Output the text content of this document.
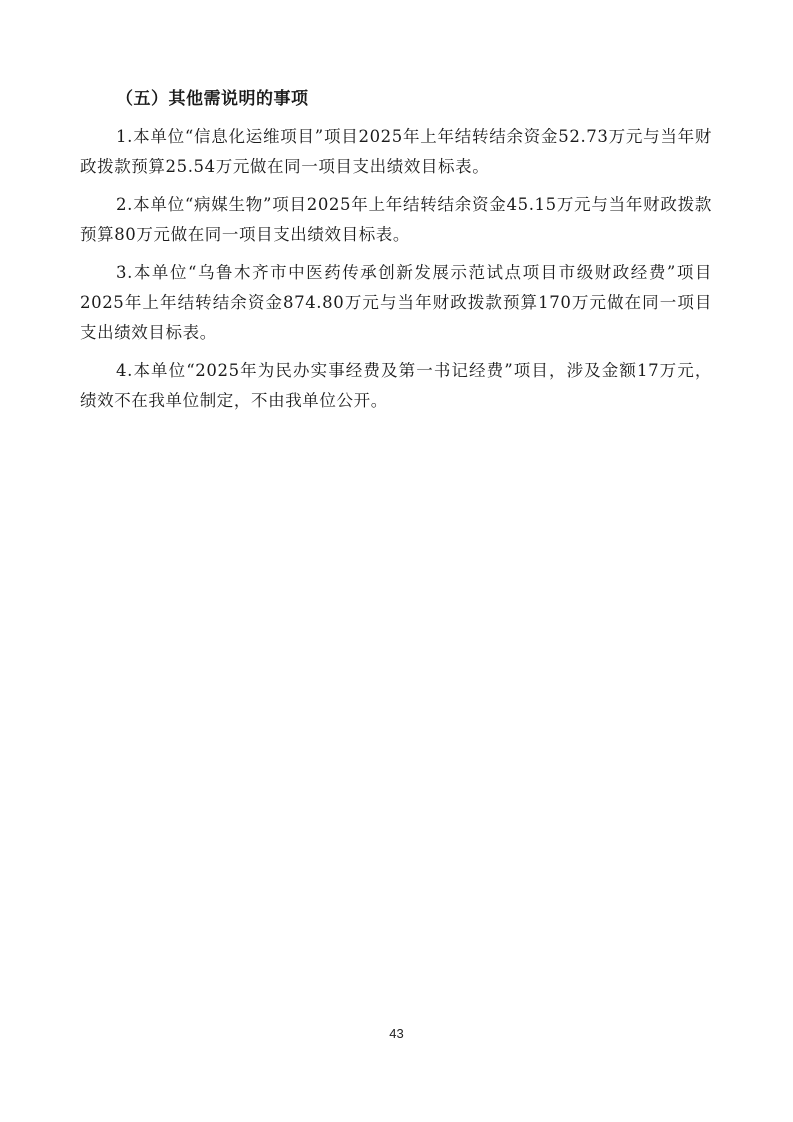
（五）其他需说明的事项

1.本单位“信息化运维项目”项目2025年上年结转结余资金52.73万元与当年财政拨款预算25.54万元做在同一项目支出绩效目标表。

2.本单位“病媒生物”项目2025年上年结转结余资金45.15万元与当年财政拨款预算80万元做在同一项目支出绩效目标表。

3.本单位“乌鲁木齐市中医药传承创新发展示范试点项目市级财政经费”项目2025年上年结转结余资金874.80万元与当年财政拨款预算170万元做在同一项目支出绩效目标表。

4.本单位“2025年为民办实事经费及第一书记经费”项目，涉及金额17万元，绩效不在我单位制定，不由我单位公开。

43
